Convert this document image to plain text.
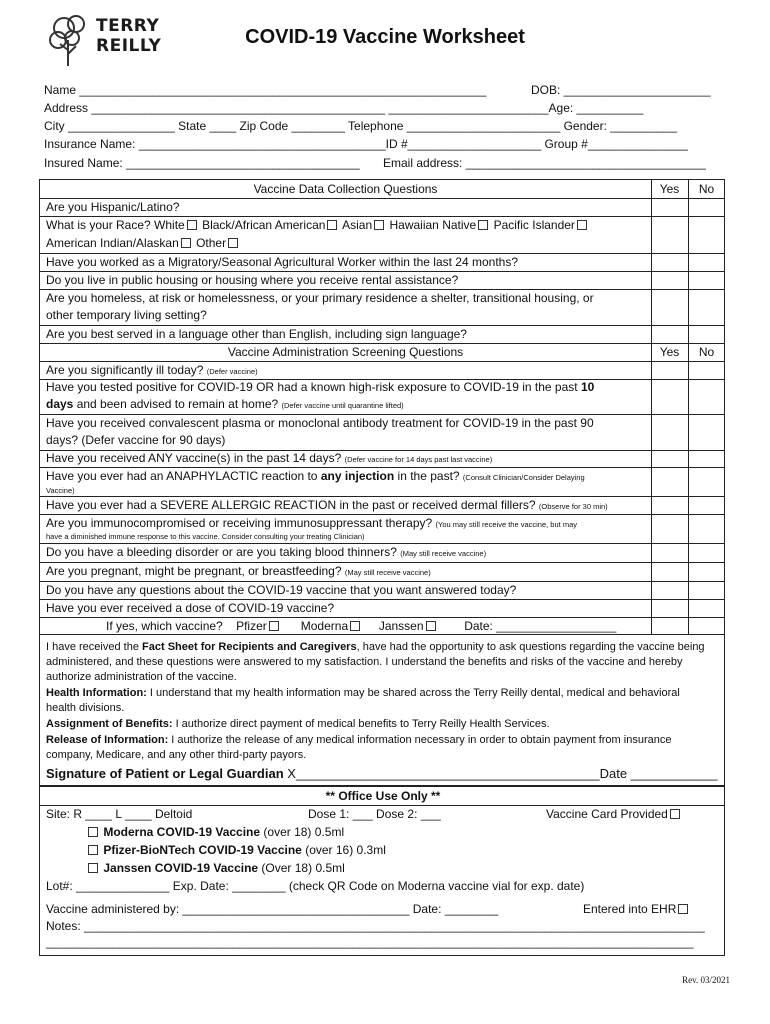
TERRY
REILLY	COVID-19 Vaccine Worksheet
Name _____________________________________________________________	DOB: ______________________
Address ____________________________________________ ________________________Age: __________
City ________________ State ____ Zip Code ________ Telephone _______________________ Gender: __________
Insurance Name: _____________________________________ID #____________________ Group #_______________
Insured Name: ___________________________________ Email address: ____________________________________
Vaccine Data Collection Questions	Yes	No
Are you Hispanic/Latino?
What is your Race? White Black/African American Asian Hawaiian Native Pacific Islander
American Indian/Alaskan Other
Have you worked as a Migratory/Seasonal Agricultural Worker within the last 24 months?
Do you live in public housing or housing where you receive rental assistance?
Are you homeless, at risk or homelessness, or your primary residence a shelter, transitional housing, or
other temporary living setting?
Are you best served in a language other than English, including sign language?
Vaccine Administration Screening Questions	Yes	No
Are you significantly ill today? (Defer vaccine)
Have you tested positive for COVID-19 OR had a known high-risk exposure to COVID-19 in the past 10
days and been advised to remain at home? (Defer vaccine until quarantine lifted)
Have you received convalescent plasma or monoclonal antibody treatment for COVID-19 in the past 90
days? (Defer vaccine for 90 days)
Have you received ANY vaccine(s) in the past 14 days? (Defer vaccine for 14 days past last vaccine)
Have you ever had an ANAPHYLACTIC reaction to any injection in the past? (Consult Clinician/Consider Delaying
Vaccine)
Have you ever had a SEVERE ALLERGIC REACTION in the past or received dermal fillers? (Observe for 30 min)
Are you immunocompromised or receiving immunosuppressant therapy? (You may still receive the vaccine, but may
have a diminished immune response to this vaccine. Consider consulting your treating Clinician)
Do you have a bleeding disorder or are you taking blood thinners? (May still receive vaccine)
Are you pregnant, might be pregnant, or breastfeeding? (May still receive vaccine)
Do you have any questions about the COVID-19 vaccine that you want answered today?
Have you ever received a dose of COVID-19 vaccine?
If yes, which vaccine? Pfizer	Moderna	Janssen	Date: __________________
I have received the Fact Sheet for Recipients and Caregivers, have had the opportunity to ask questions regarding the vaccine being
administered, and these questions were answered to my satisfaction. I understand the benefits and risks of the vaccine and hereby
authorize administration of the vaccine.
Health Information: I understand that my health information may be shared across the Terry Reilly dental, medical and behavioral
health divisions.
Assignment of Benefits: I authorize direct payment of medical benefits to Terry Reilly Health Services.
Release of Information: I authorize the release of any medical information necessary in order to obtain payment from insurance
company, Medicare, and any other third-party payors.
Signature of Patient or Legal Guardian X__________________________________________Date ____________
** Office Use Only **
Site: R ____ L ____ Deltoid	Dose 1: ___ Dose 2: ___	Vaccine Card Provided
Moderna COVID-19 Vaccine (over 18) 0.5ml
Pfizer-BioNTech COVID-19 Vaccine (over 16) 0.3ml
Janssen COVID-19 Vaccine (Over 18) 0.5ml
Lot#: ______________ Exp. Date: ________ (check QR Code on Moderna vaccine vial for exp. date)
Vaccine administered by: __________________________________ Date: ________	Entered into EHR
Notes: _____________________________________________________________________________________________
_________________________________________________________________________________________________
Rev. 03/2021
